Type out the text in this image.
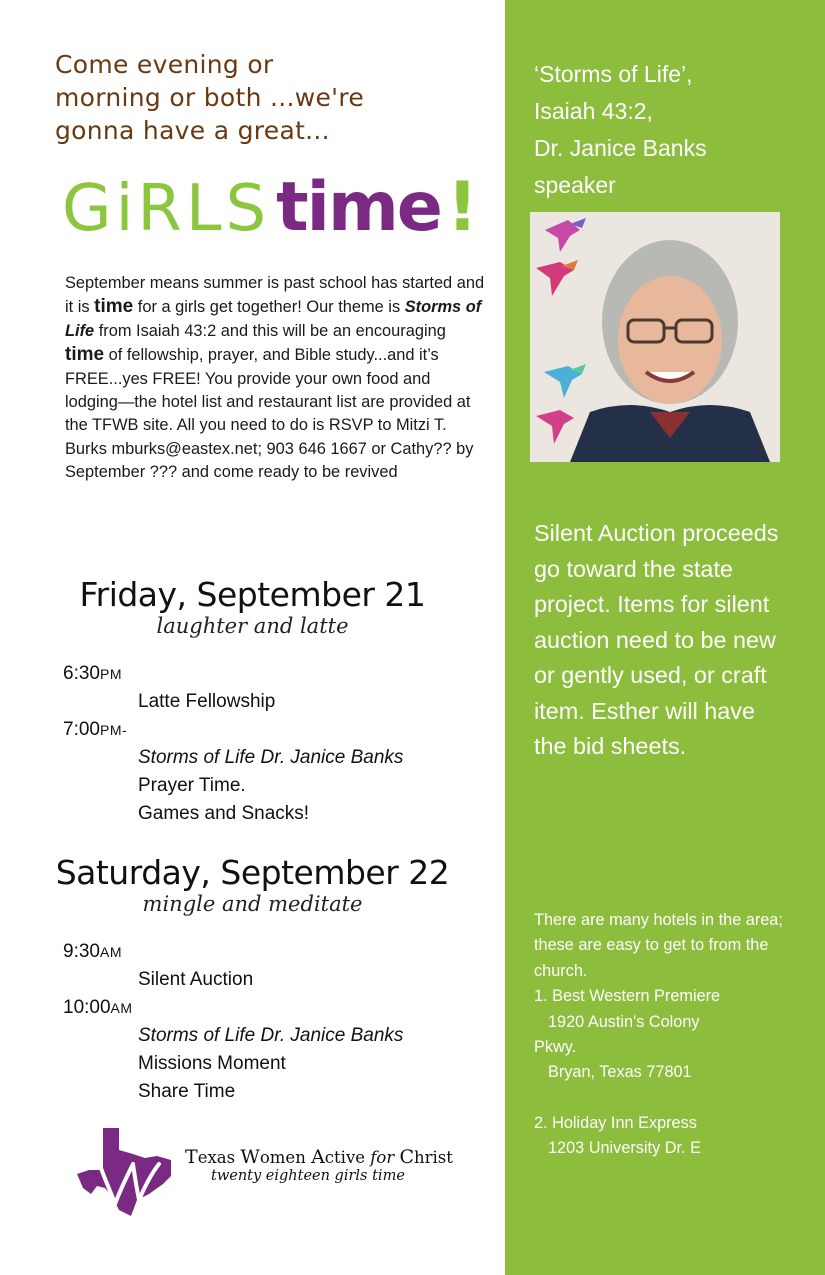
Come evening or
morning or both ...we're
gonna have a great...
GiRLStime!
September means summer is past school has started and it is time for a girls get together! Our theme is Storms of Life from Isaiah 43:2 and this will be an encouraging time of fellowship, prayer, and Bible study...and it’s FREE...yes FREE! You provide your own food and lodging—the hotel list and restaurant list are provided at the TFWB site. All you need to do is RSVP to Mitzi T. Burks mburks@eastex.net; 903 646 1667 or Cathy?? by September ??? and come ready to be revived
Friday, September 21
laughter and latte
6:30PM
Latte Fellowship
7:00PM-
Storms of Life Dr. Janice Banks
Prayer Time.
Games and Snacks!
Saturday, September 22
mingle and meditate
9:30AM
Silent Auction
10:00AM
Storms of Life Dr. Janice Banks
Missions Moment
Share Time
Texas Women Active for Christ
twenty eighteen girls time
‘Storms of Life’,
Isaiah 43:2,
Dr. Janice Banks
speaker
Silent Auction proceeds go toward the state project. Items for silent auction need to be new or gently used, or craft item. Esther will have the bid sheets.
There are many hotels in the area; these are easy to get to from the church.
1. Best Western Premiere
1920 Austin's Colony
Pkwy.
Bryan, Texas 77801
2. Holiday Inn Express
1203 University Dr. E
